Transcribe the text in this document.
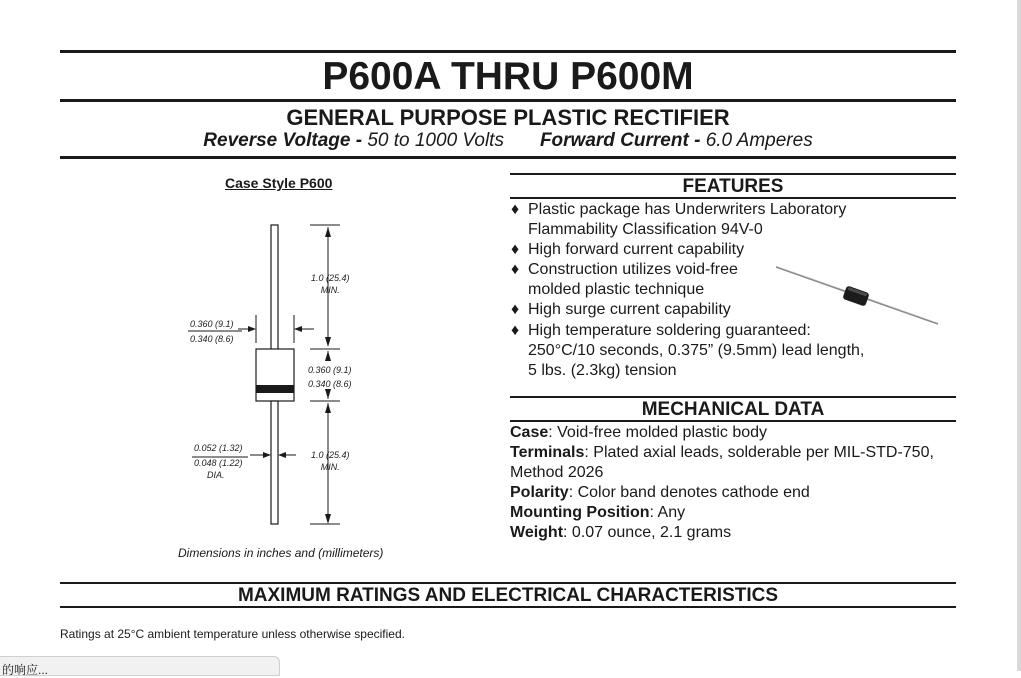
P600A THRU P600M
GENERAL PURPOSE PLASTIC RECTIFIER
Reverse Voltage - 50 to 1000 Volts Forward Current - 6.0 Amperes
Case Style P600
1.0 (25.4)
MIN.
0.360 (9.1)
0.340 (8.6)
0.360 (9.1)
0.340 (8.6)
0.052 (1.32)
0.048 (1.22)
DIA.
1.0 (25.4)
MIN.
Dimensions in inches and (millimeters)
FEATURES
♦ Plastic package has Underwriters Laboratory
Flammability Classification 94V-0
♦ High forward current capability
♦ Construction utilizes void-free
molded plastic technique
♦ High surge current capability
♦ High temperature soldering guaranteed:
250°C/10 seconds, 0.375” (9.5mm) lead length,
5 lbs. (2.3kg) tension
MECHANICAL DATA
Case: Void-free molded plastic body
Terminals: Plated axial leads, solderable per MIL-STD-750, Method 2026
Polarity: Color band denotes cathode end
Mounting Position: Any
Weight: 0.07 ounce, 2.1 grams
MAXIMUM RATINGS AND ELECTRICAL CHARACTERISTICS
Ratings at 25°C ambient temperature unless otherwise specified.
的响应...
